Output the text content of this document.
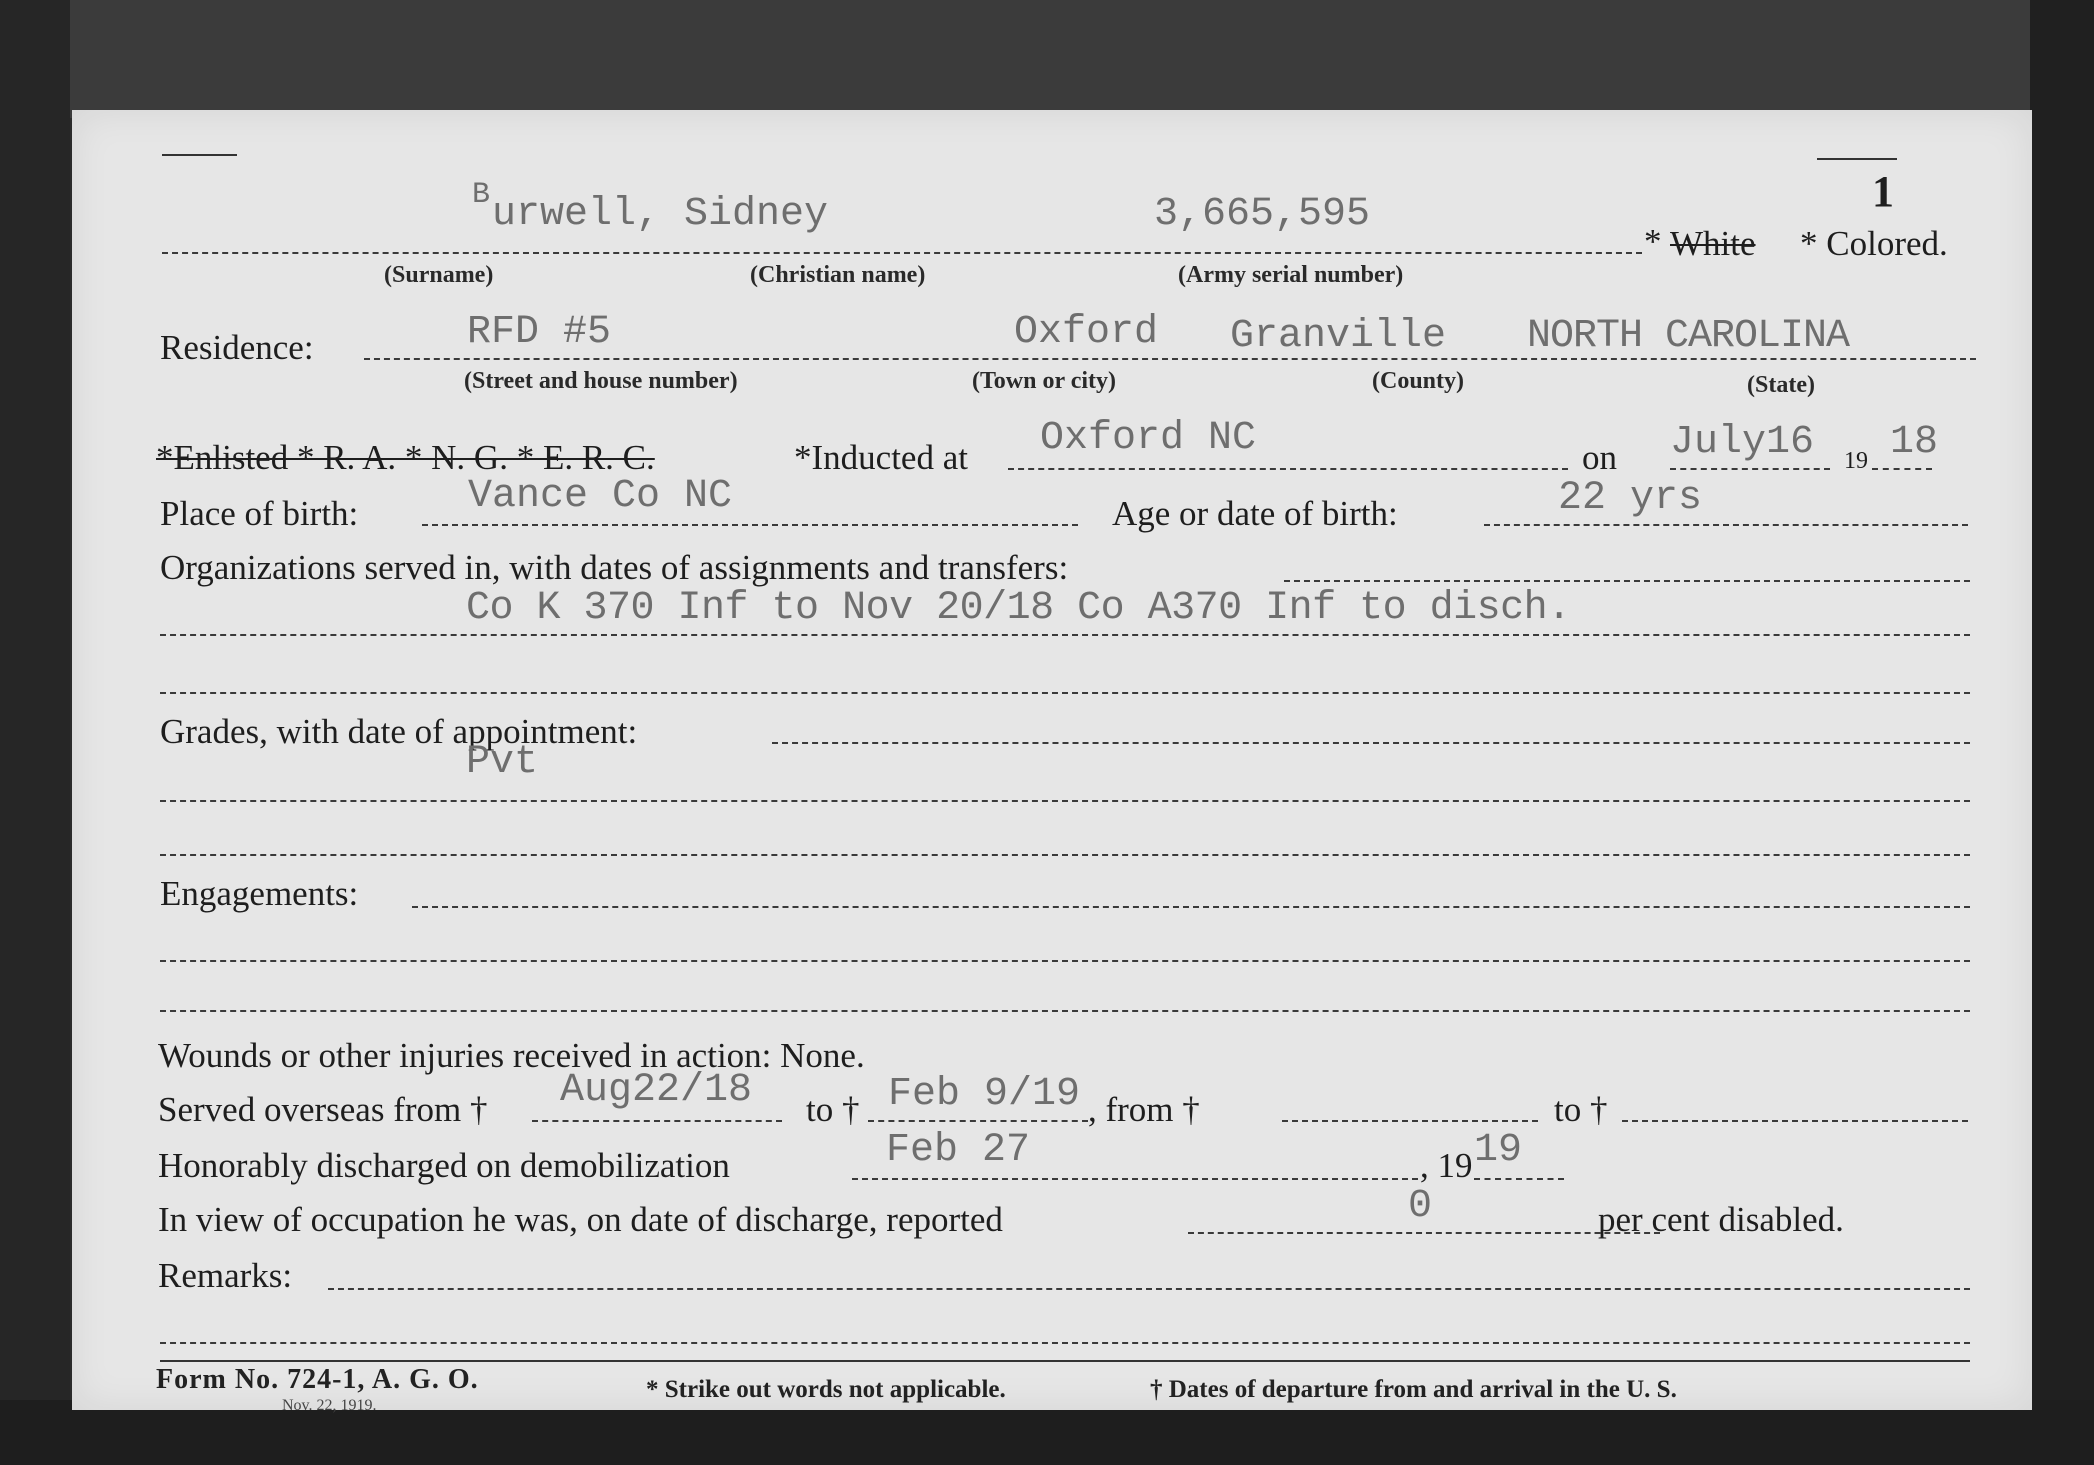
1
B urwell, Sidney	3,665,595
* White * Colored.
(Surname)	(Christian name)	(Army serial number)
Residence:	RFD #5	Oxford Granville NORTH CAROLINA
(Street and house number)	(Town or city)	(County)	(State)
*Enlisted * R. A. * N. G. * E. R. C.	*Inducted at Oxford NC	on July16 19 18
Place of birth:	Vance Co NC	Age or date of birth:	22 yrs
Organizations served in, with dates of assignments and transfers:
Co K 370 Inf to Nov 20/18 Co A370 Inf to disch.
Grades, with date of appointment:
Pvt
Engagements:
Wounds or other injuries received in action: None.
Served overseas from † Aug22/18 to † Feb 9/19 , from †	to †
Honorably discharged on demobilization	Feb 27	, 19 19
In view of occupation he was, on date of discharge, reported	0	per cent disabled.
Remarks:
Form No. 724-1, A. G. O.
Nov. 22, 1919.
* Strike out words not applicable.	† Dates of departure from and arrival in the U. S.
